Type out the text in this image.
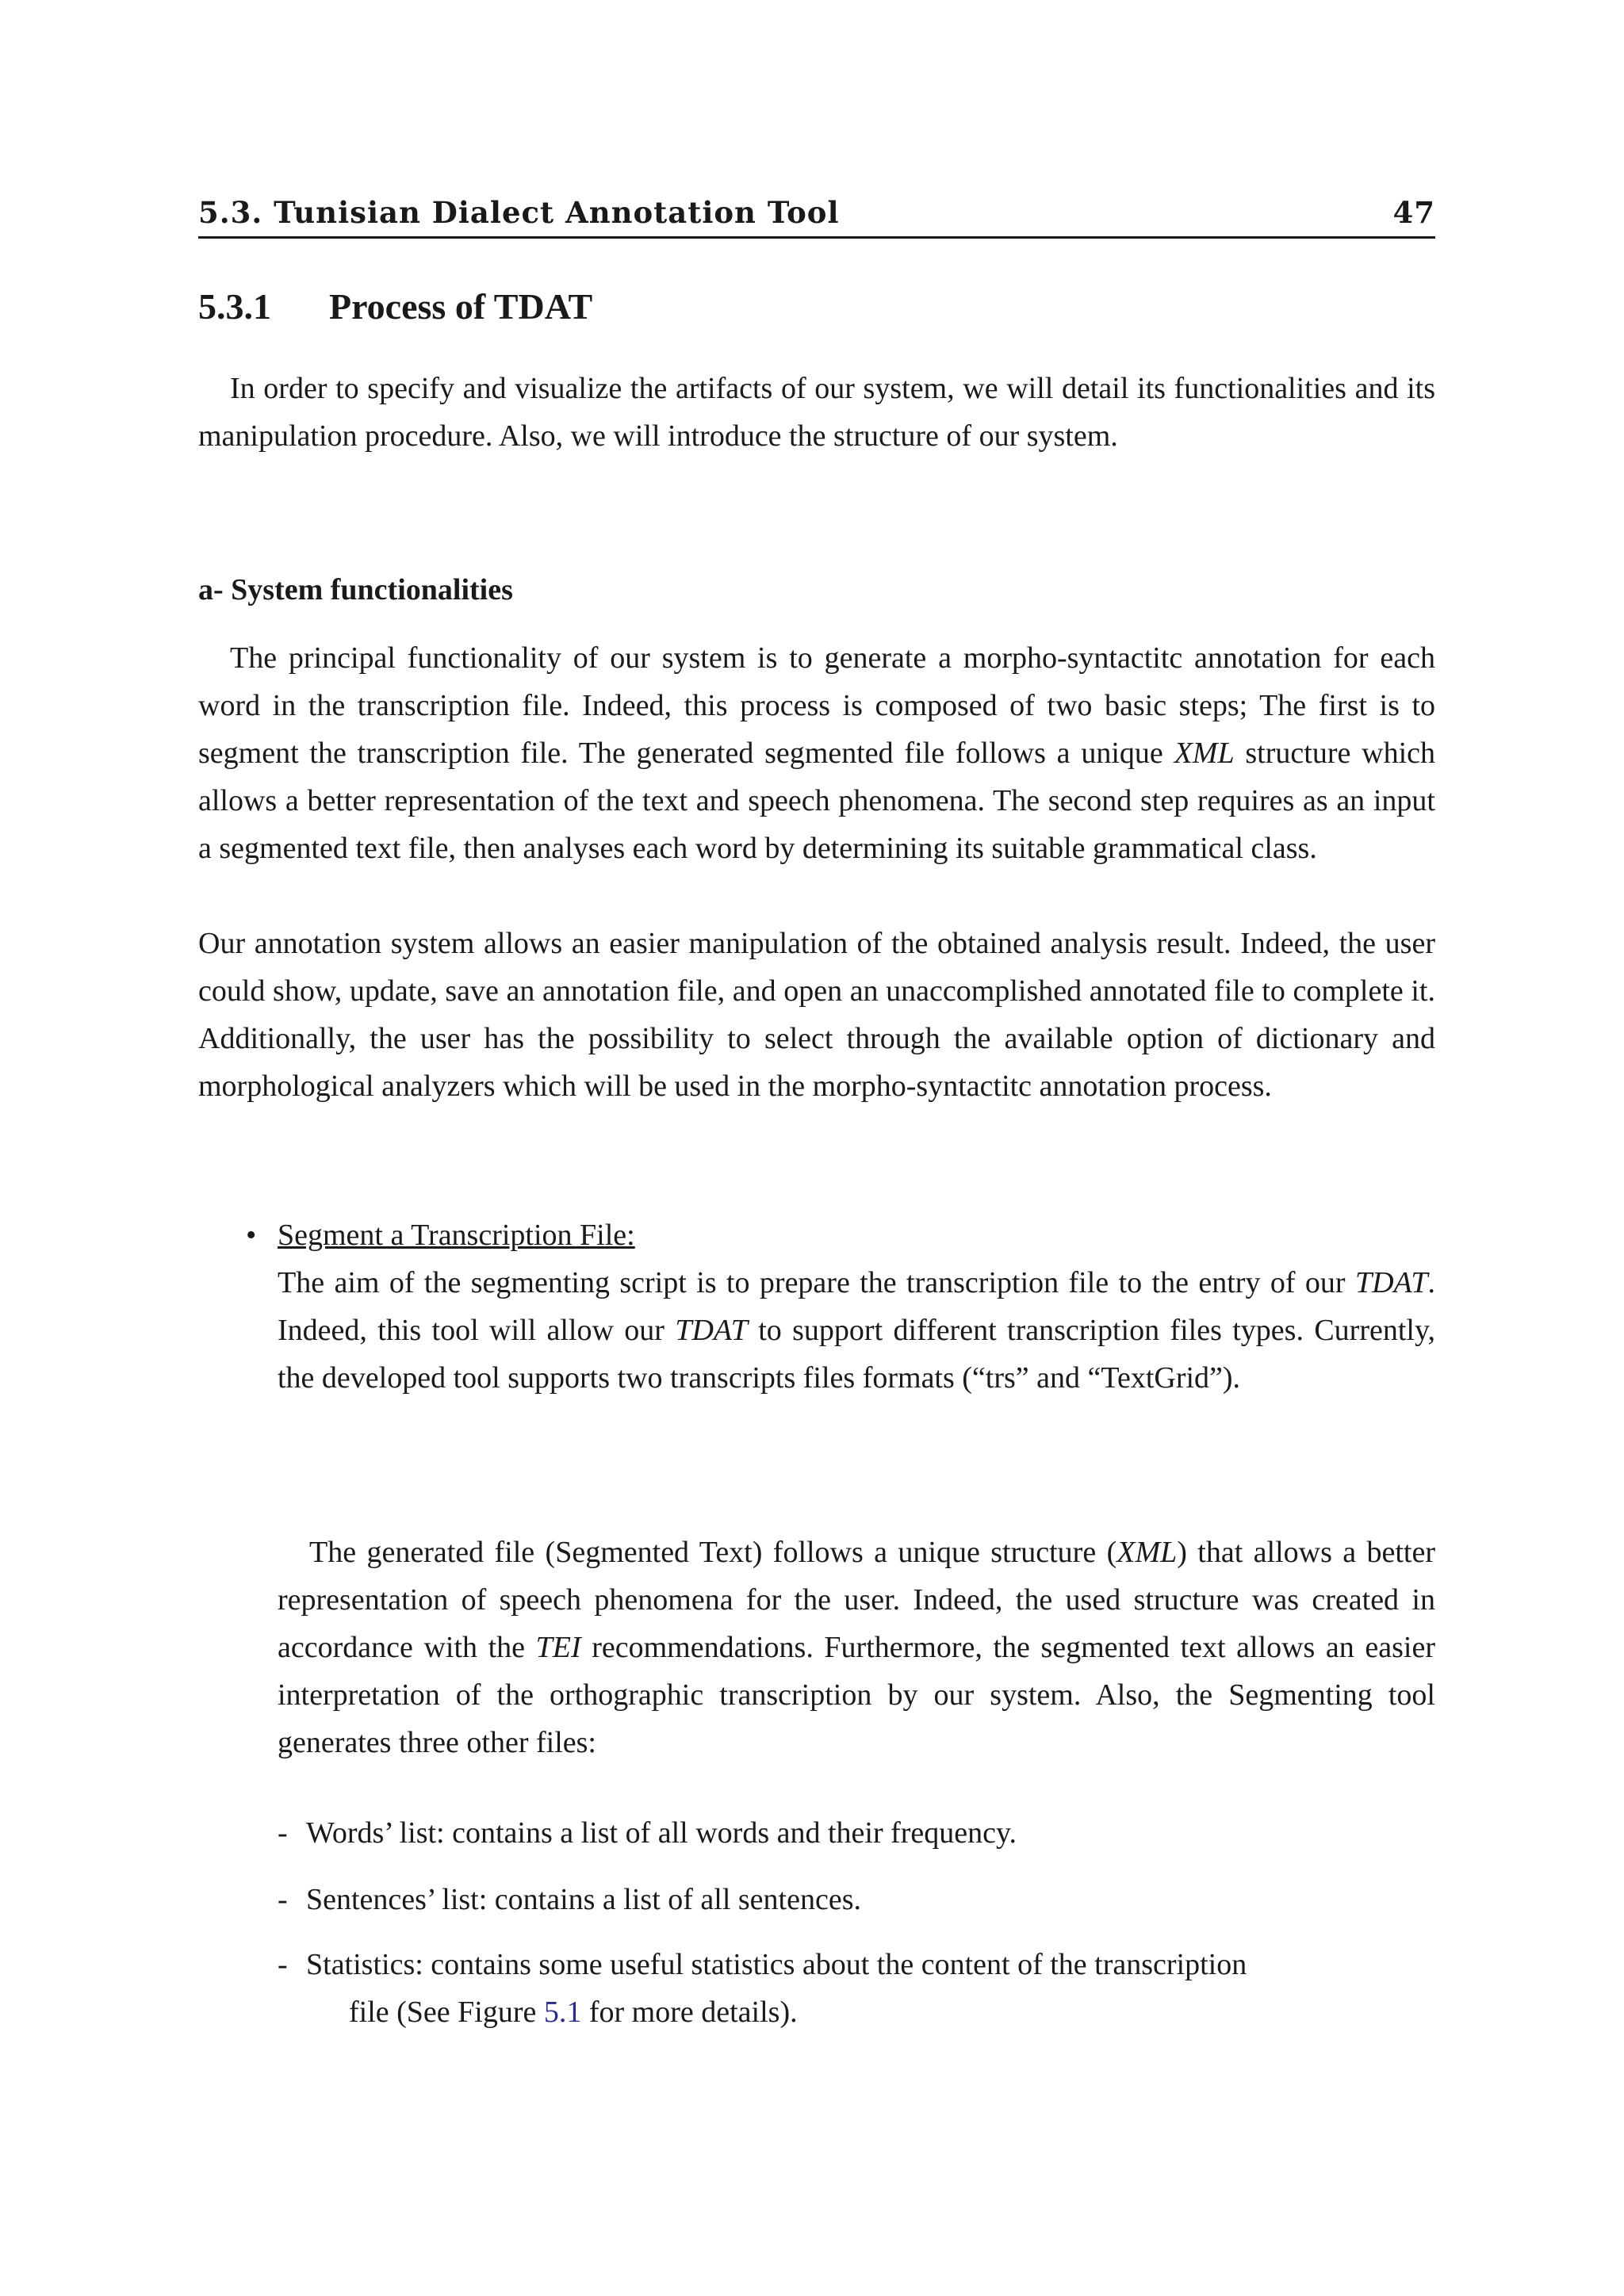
5.3. Tunisian Dialect Annotation Tool	47
5.3.1 Process of TDAT

In order to specify and visualize the artifacts of our system, we will detail its functionalities and its manipulation procedure. Also, we will introduce the structure of our system.

a- System functionalities

The principal functionality of our system is to generate a morpho-syntactitc annotation for each word in the transcription file. Indeed, this process is composed of two basic steps; The first is to segment the transcription file. The generated segmented file follows a unique XML structure which allows a better representation of the text and speech phenomena. The second step requires as an input a segmented text file, then analyses each word by determining its suitable grammatical class.

Our annotation system allows an easier manipulation of the obtained analysis result. Indeed, the user could show, update, save an annotation file, and open an unaccomplished annotated file to complete it. Additionally, the user has the possibility to select through the available option of dictionary and morphological analyzers which will be used in the morpho-syntactitc annotation process.

• Segment a Transcription File:
The aim of the segmenting script is to prepare the transcription file to the entry of our TDAT. Indeed, this tool will allow our TDAT to support different transcription files types. Currently, the developed tool supports two transcripts files formats (“trs” and “TextGrid”).

The generated file (Segmented Text) follows a unique structure (XML) that allows a better representation of speech phenomena for the user. Indeed, the used structure was created in accordance with the TEI recommendations. Furthermore, the segmented text allows an easier interpretation of the orthographic transcription by our system. Also, the Segmenting tool generates three other files:

- Words’ list: contains a list of all words and their frequency.
- Sentences’ list: contains a list of all sentences.
- Statistics: contains some useful statistics about the content of the transcription
file (See Figure 5.1 for more details).
